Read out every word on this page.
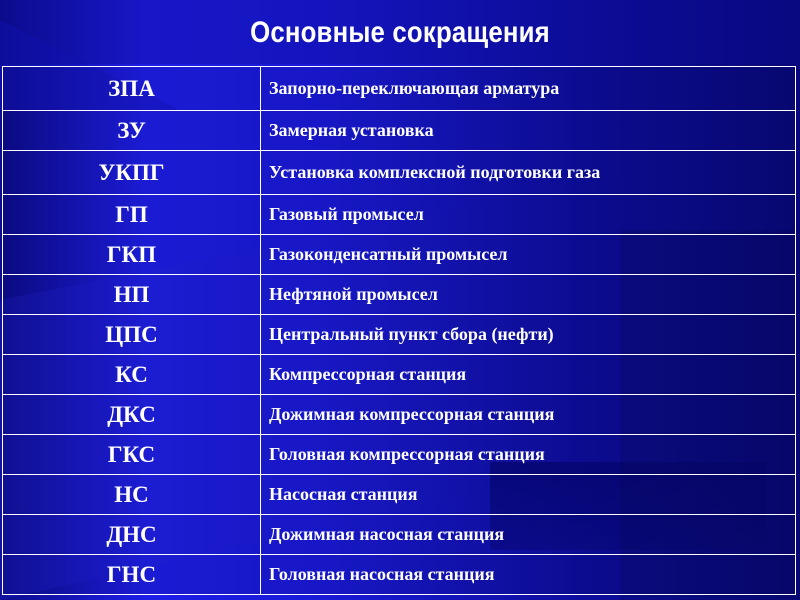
Основные сокращения
ЗПА	Запорно-переключающая арматура
ЗУ	Замерная установка
УКПГ	Установка комплексной подготовки газа
ГП	Газовый промысел
ГКП	Газоконденсатный промысел
НП	Нефтяной промысел
ЦПС	Центральный пункт сбора (нефти)
КС	Компрессорная станция
ДКС	Дожимная компрессорная станция
ГКС	Головная компрессорная станция
НС	Насосная станция
ДНС	Дожимная насосная станция
ГНС	Головная насосная станция
